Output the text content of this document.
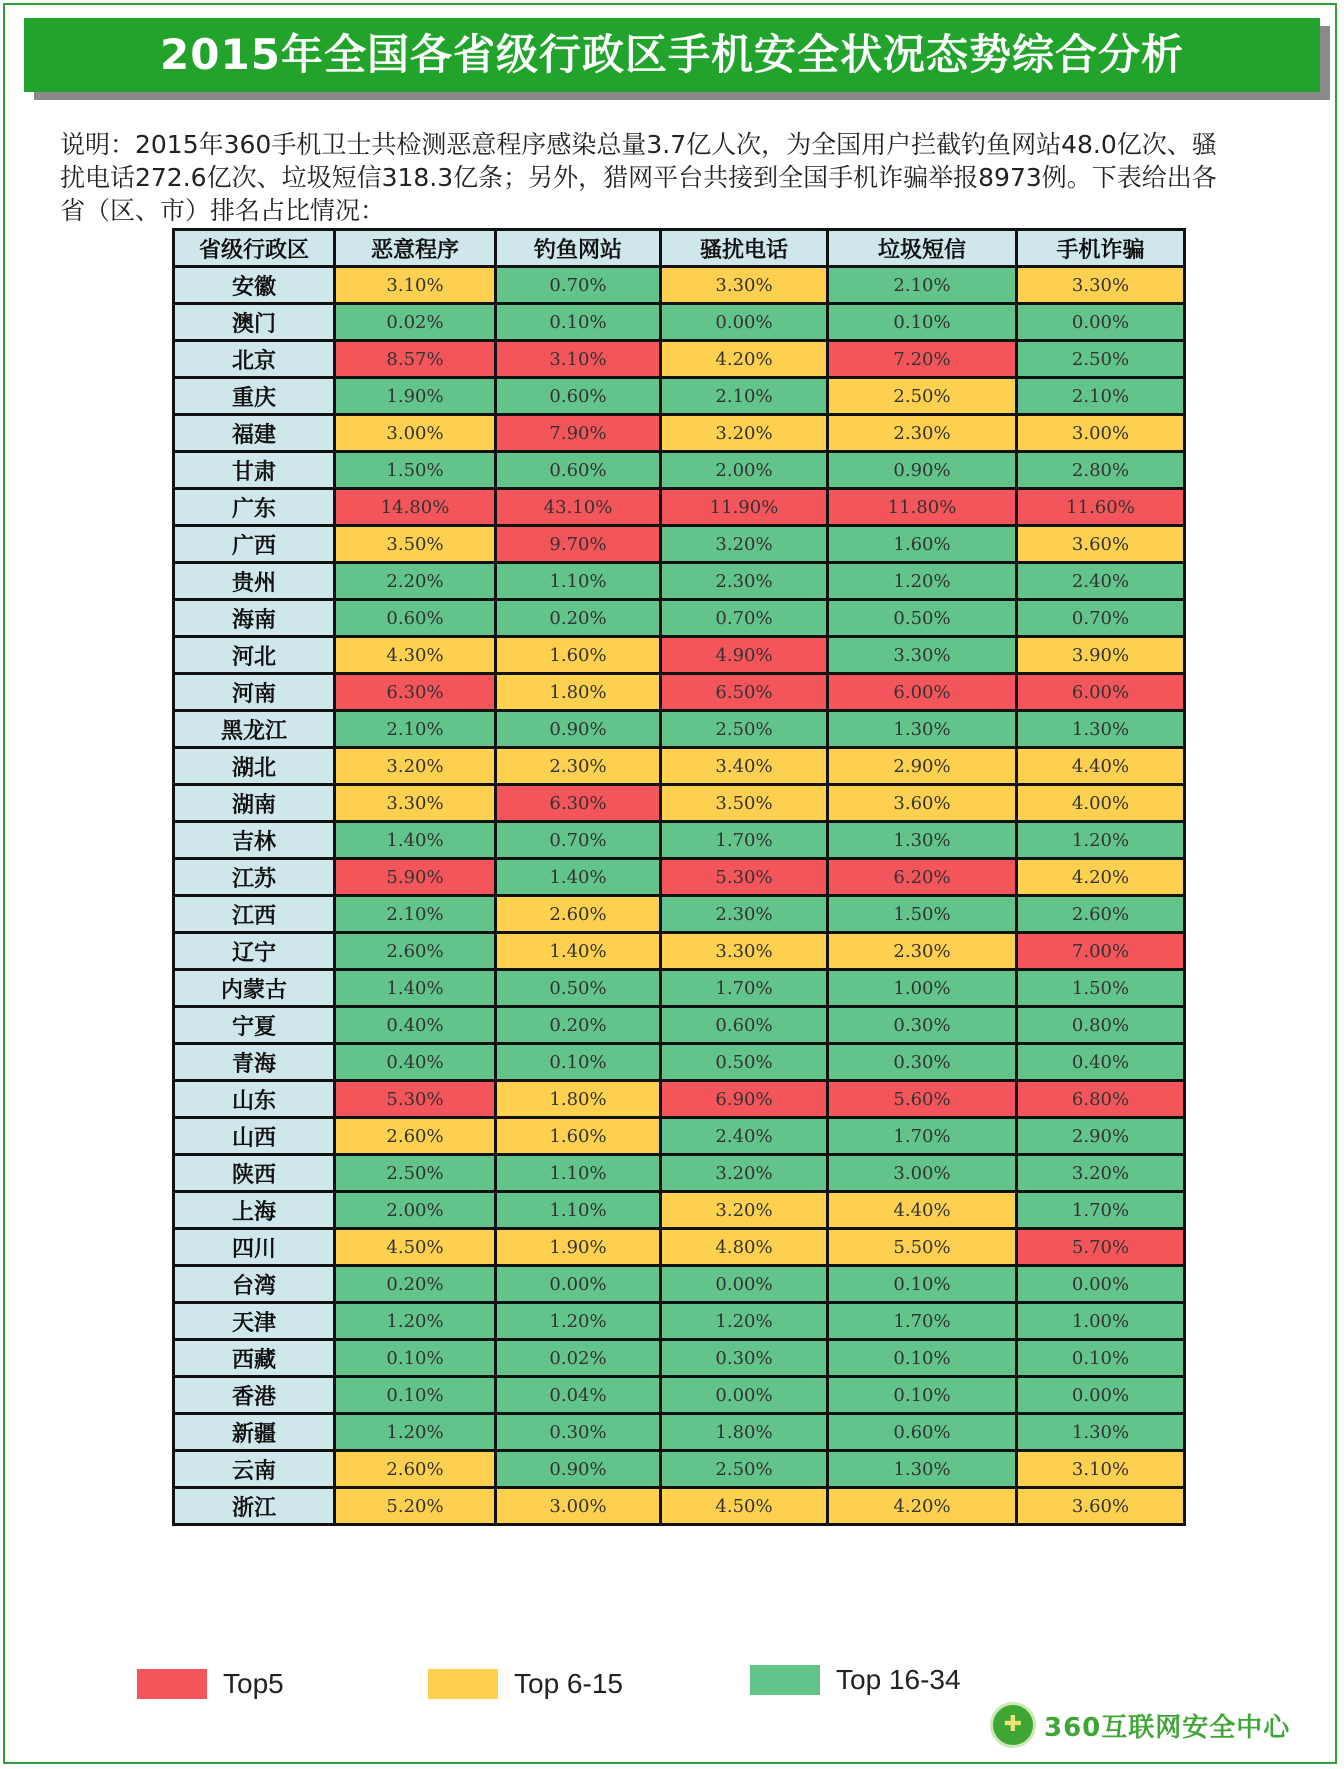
2015年全国各省级行政区手机安全状况态势综合分析

说明：2015年360手机卫士共检测恶意程序感染总量3.7亿人次，为全国用户拦截钓鱼网站48.0亿次、骚

扰电话272.6亿次、垃圾短信318.3亿条；另外，猎网平台共接到全国手机诈骗举报8973例。下表给出各

省（区、市）排名占比情况：

省级行政区	恶意程序	钓鱼网站	骚扰电话	垃圾短信	手机诈骗
安徽	3.10%	0.70%	3.30%	2.10%	3.30%
澳门	0.02%	0.10%	0.00%	0.10%	0.00%
北京	8.57%	3.10%	4.20%	7.20%	2.50%
重庆	1.90%	0.60%	2.10%	2.50%	2.10%
福建	3.00%	7.90%	3.20%	2.30%	3.00%
甘肃	1.50%	0.60%	2.00%	0.90%	2.80%
广东	14.80%	43.10%	11.90%	11.80%	11.60%
广西	3.50%	9.70%	3.20%	1.60%	3.60%
贵州	2.20%	1.10%	2.30%	1.20%	2.40%
海南	0.60%	0.20%	0.70%	0.50%	0.70%
河北	4.30%	1.60%	4.90%	3.30%	3.90%
河南	6.30%	1.80%	6.50%	6.00%	6.00%
黑龙江	2.10%	0.90%	2.50%	1.30%	1.30%
湖北	3.20%	2.30%	3.40%	2.90%	4.40%
湖南	3.30%	6.30%	3.50%	3.60%	4.00%
吉林	1.40%	0.70%	1.70%	1.30%	1.20%
江苏	5.90%	1.40%	5.30%	6.20%	4.20%
江西	2.10%	2.60%	2.30%	1.50%	2.60%
辽宁	2.60%	1.40%	3.30%	2.30%	7.00%
内蒙古	1.40%	0.50%	1.70%	1.00%	1.50%
宁夏	0.40%	0.20%	0.60%	0.30%	0.80%
青海	0.40%	0.10%	0.50%	0.30%	0.40%
山东	5.30%	1.80%	6.90%	5.60%	6.80%
山西	2.60%	1.60%	2.40%	1.70%	2.90%
陕西	2.50%	1.10%	3.20%	3.00%	3.20%
上海	2.00%	1.10%	3.20%	4.40%	1.70%
四川	4.50%	1.90%	4.80%	5.50%	5.70%
台湾	0.20%	0.00%	0.00%	0.10%	0.00%
天津	1.20%	1.20%	1.20%	1.70%	1.00%
西藏	0.10%	0.02%	0.30%	0.10%	0.10%
香港	0.10%	0.04%	0.00%	0.10%	0.00%
新疆	1.20%	0.30%	1.80%	0.60%	1.30%
云南	2.60%	0.90%	2.50%	1.30%	3.10%
浙江	5.20%	3.00%	4.50%	4.20%	3.60%
Top5	Top 6-15	Top 16-34
✚ 360互联网安全中心
